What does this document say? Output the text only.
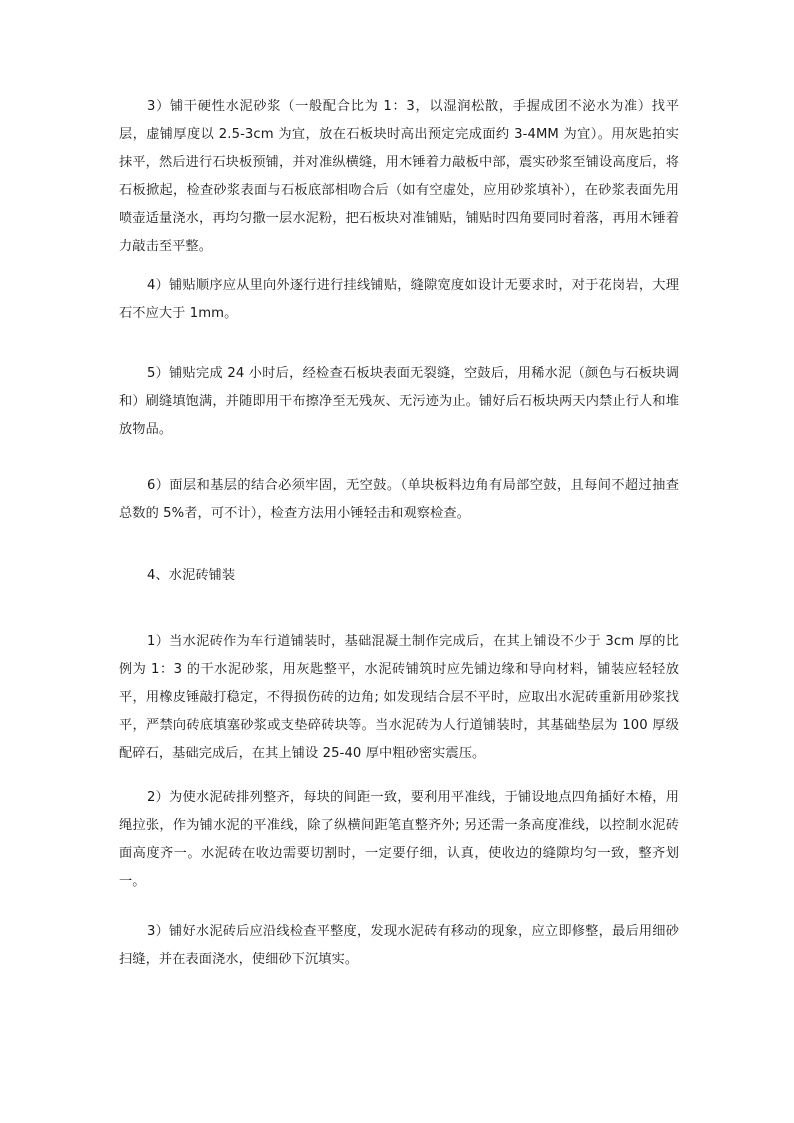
3）铺干硬性水泥砂浆（一般配合比为 1：3，以湿润松散，手握成团不泌水为准）找平层，虚铺厚度以 2.5-3cm 为宜，放在石板块时高出预定完成面约 3-4MM 为宜）。用灰匙拍实抹平，然后进行石块板预铺，并对准纵横缝，用木锤着力敲板中部，震实砂浆至铺设高度后，将石板掀起，检查砂浆表面与石板底部相吻合后（如有空虚处，应用砂浆填补），在砂浆表面先用喷壶适量浇水，再均匀撒一层水泥粉，把石板块对准铺贴，铺贴时四角要同时着落，再用木锤着力敲击至平整。

4）铺贴顺序应从里向外逐行进行挂线铺贴，缝隙宽度如设计无要求时，对于花岗岩，大理石不应大于 1mm。

5）铺贴完成 24 小时后，经检查石板块表面无裂缝，空鼓后，用稀水泥（颜色与石板块调和）刷缝填饱满，并随即用干布擦净至无残灰、无污迹为止。铺好后石板块两天内禁止行人和堆放物品。

6）面层和基层的结合必须牢固，无空鼓。（单块板料边角有局部空鼓，且每间不超过抽查总数的 5%者，可不计），检查方法用小锤轻击和观察检查。

4、水泥砖铺装

1）当水泥砖作为车行道铺装时，基础混凝土制作完成后，在其上铺设不少于 3cm 厚的比例为 1：3 的干水泥砂浆，用灰匙整平，水泥砖铺筑时应先铺边缘和导向材料，铺装应轻轻放平，用橡皮锤敲打稳定，不得损伤砖的边角; 如发现结合层不平时，应取出水泥砖重新用砂浆找平，严禁向砖底填塞砂浆或支垫碎砖块等。当水泥砖为人行道铺装时，其基础垫层为 100 厚级配碎石，基础完成后，在其上铺设 25-40 厚中粗砂密实震压。

2）为使水泥砖排列整齐，每块的间距一致，要利用平准线，于铺设地点四角插好木椿，用绳拉张，作为铺水泥的平准线，除了纵横间距笔直整齐外; 另还需一条高度准线，以控制水泥砖面高度齐一。水泥砖在收边需要切割时，一定要仔细，认真，使收边的缝隙均匀一致，整齐划一。

3）铺好水泥砖后应沿线检查平整度，发现水泥砖有移动的现象，应立即修整，最后用细砂扫缝，并在表面浇水，使细砂下沉填实。
